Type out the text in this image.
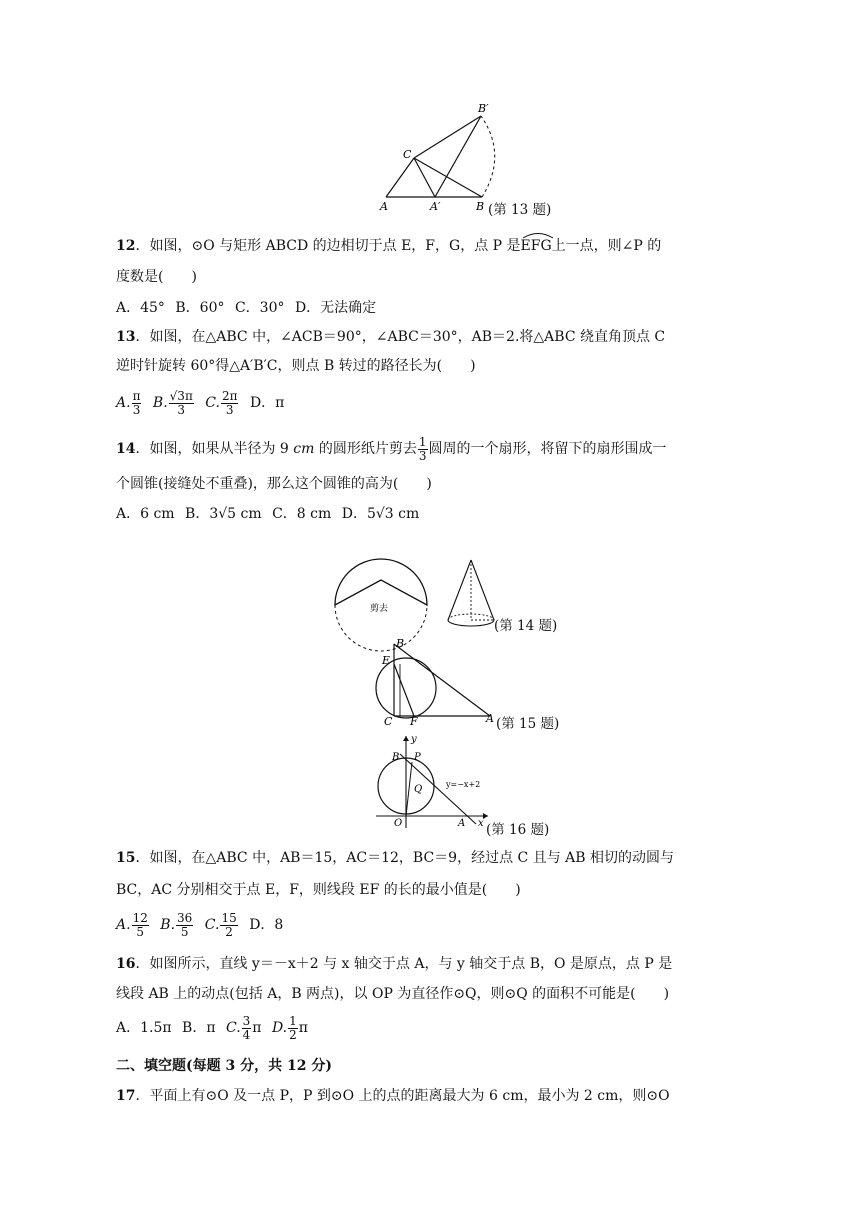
A	A′	B
C
B′
(第 13 题)
12．如图，⊙O 与矩形 ABCD 的边相切于点 E，F，G，点 P 是
EFG上一点，则∠P 的
度数是(　　)
A．45° B．60° C．30° D．无法确定
13．如图，在△ABC 中，∠ACB＝90°，∠ABC＝30°，AB＝2.将△ABC 绕直角顶点 C
逆时针旋转 60°得△A′B′C，则点 B 转过的路径长为(　　)
A. $\frac{\pi}{3} B$. $\frac{√3\pi}{3} C$. $\frac{2\pi}{3}$ D．π
14．如图，如果从半径为 9 cm 的圆形纸片剪去 $\frac{1}{3}$ 圆周的一个扇形，将留下的扇形围成一
个圆锥(接缝处不重叠)，那么这个圆锥的高为(　　)
A．6 cm B．3√5 cm C．8 cm D．5√3 cm
剪去
(第 14 题)
B
E
C F	A (第 15 题)
y
B P
Q
O	A x
y=−x+2
(第 16 题)
15．如图，在△ABC 中，AB＝15，AC＝12，BC＝9，经过点 C 且与 AB 相切的动圆与
BC，AC 分别相交于点 E，F，则线段 EF 的长的最小值是(　　)
A. $\frac{12}{5} B$. $\frac{36}{5} C$. $\frac{15}{2}$ D．8
16．如图所示，直线 y＝－x＋2 与 x 轴交于点 A，与 y 轴交于点 B，O 是原点，点 P 是
线段 AB 上的动点(包括 A，B 两点)，以 OP 为直径作⊙Q，则⊙Q 的面积不可能是(　　)
A．1.5π B．π C. $\frac{3}{4}$ π D. $\frac{1}{2}$ π
二、填空题(每题 3 分，共 12 分)
17．平面上有⊙O 及一点 P，P 到⊙O 上的点的距离最大为 6 cm，最小为 2 cm，则⊙O
